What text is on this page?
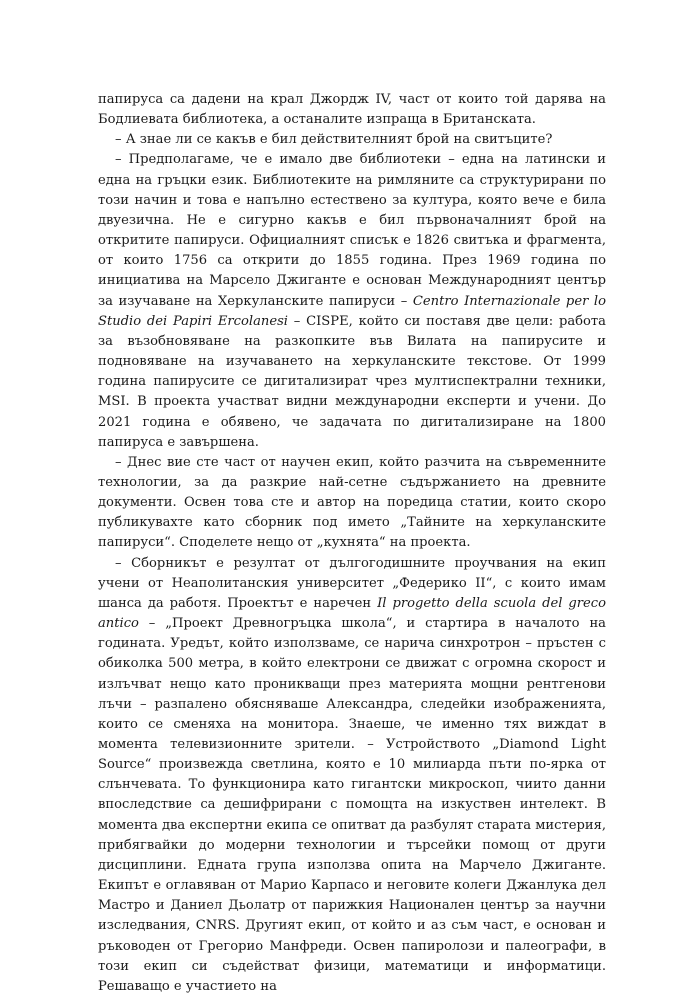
папируса са дадени на крал Джордж IV, част от които той дарява на Бодлиевата библиотека, а останалите изпраща в Британската.

– А знае ли се какъв е бил действителният брой на свитъците?

– Предполагаме, че е имало две библиотеки – една на латински и една на гръцки език. Библиотеките на римляните са структурирани по този начин и това е напълно естествено за култура, която вече е била двуезична. Не е сигурно какъв е бил първоначалният брой на откритите папируси. Официалният списък е 1826 свитъка и фрагмента, от които 1756 са открити до 1855 година. През 1969 година по инициатива на Марсело Джиганте е основан Международният център за изучаване на Херкуланските папируси – Centro Internazionale per lo Studio dei Papiri Ercolanesi – CISPE, който си поставя две цели: работа за възобновяване на разкопките във Вилата на папирусите и подновяване на изучаването на херкуланските текстове. От 1999 година папирусите се дигитализират чрез мултиспектрални техники, MSI. В проекта участват видни международни експерти и учени. До 2021 година е обявено, че задачата по дигитализиране на 1800 папируса е завършена.

– Днес вие сте част от научен екип, който разчита на съвременните технологии, за да разкрие най-сетне съдържанието на древните документи. Освен това сте и автор на поредица статии, които скоро публикувахте като сборник под името „Тайните на херкуланските папируси“. Споделете нещо от „кухнята“ на проекта.

– Сборникът е резултат от дългогодишните проучвания на екип учени от Неаполитанския университет „Федерико II“, с които имам шанса да работя. Проектът е наречен Il progetto della scuola del greco antico – „Проект Древногръцка школа“, и стартира в началото на годината. Уредът, който използваме, се нарича синхротрон – пръстен с обиколка 500 метра, в който електрони се движат с огромна скорост и излъчват нещо като проникващи през материята мощни рентгенови лъчи – разпалено обясняваше Александра, следейки изображенията, които се сменяха на монитора. Знаеше, че именно тях виждат в момента телевизионните зрители. – Устройството „Diamond Light Source“ произвежда светлина, която е 10 милиарда пъти по-ярка от слънчевата. То функционира като гигантски микроскоп, чиито данни впоследствие са дешифрирани с помощта на изкуствен интелект. В момента два експертни екипа се опитват да разбулят старата мистерия, прибягвайки до модерни технологии и търсейки помощ от други дисциплини. Едната група използва опита на Марчело Джиганте. Екипът е оглавяван от Марио Карпасо и неговите колеги Джанлука дел Мастро и Даниел Дьолатр от парижкия Национален център за научни изследвания, CNRS. Другият екип, от който и аз съм част, е основан и ръководен от Грегорио Манфреди. Освен папиролози и палеографи, в този екип си съдействат физици, математици и информатици. Решаващо е участието на
